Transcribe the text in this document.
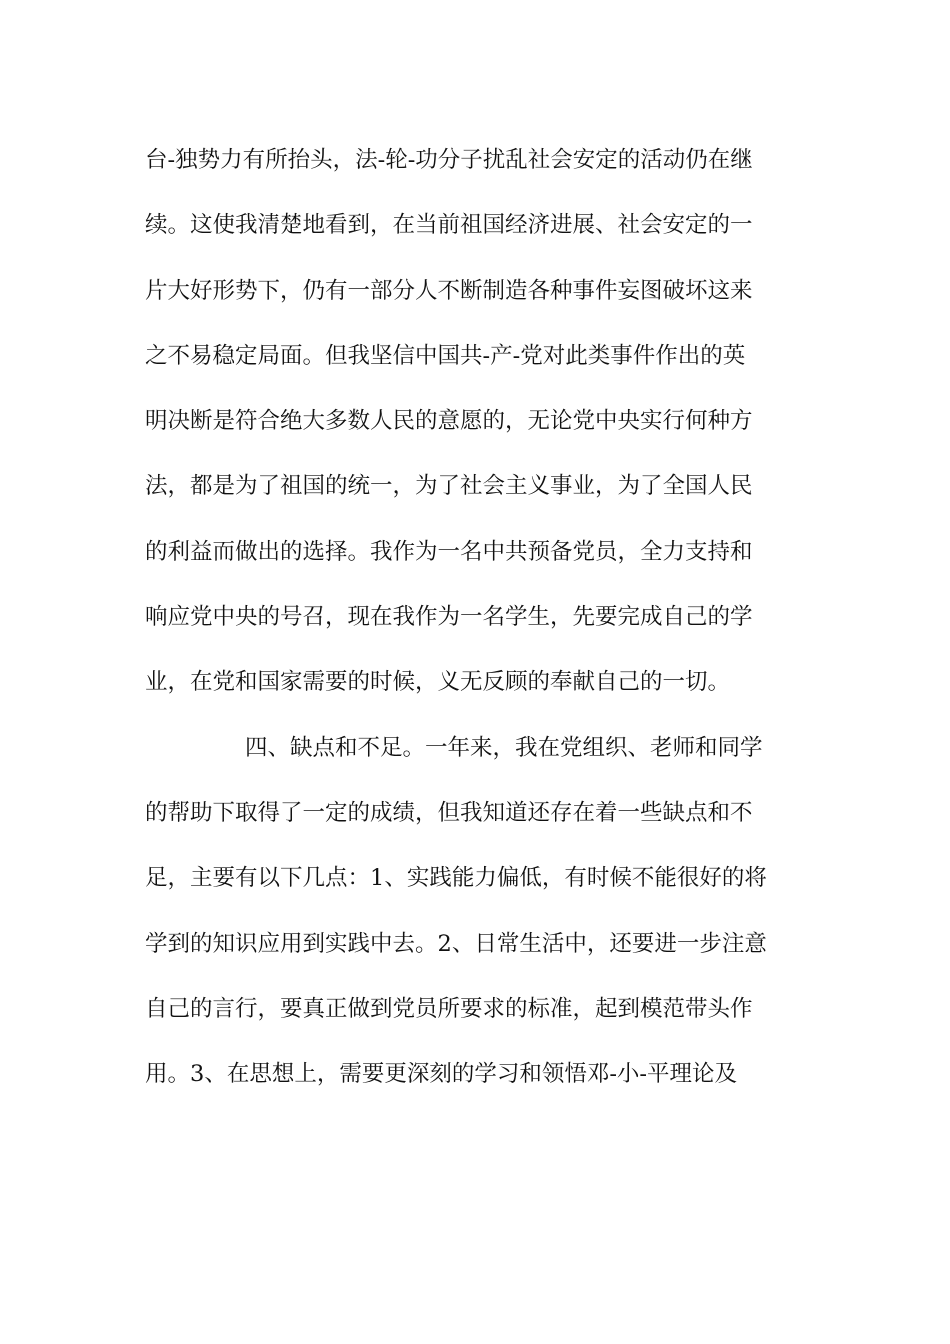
台-独势力有所抬头，法-轮-功分子扰乱社会安定的活动仍在继
续。这使我清楚地看到，在当前祖国经济进展、社会安定的一
片大好形势下，仍有一部分人不断制造各种事件妄图破坏这来
之不易稳定局面。但我坚信中国共-产-党对此类事件作出的英
明决断是符合绝大多数人民的意愿的，无论党中央实行何种方
法，都是为了祖国的统一，为了社会主义事业，为了全国人民
的利益而做出的选择。我作为一名中共预备党员，全力支持和
响应党中央的号召，现在我作为一名学生，先要完成自己的学
业，在党和国家需要的时候，义无反顾的奉献自己的一切。
四、缺点和不足。一年来，我在党组织、老师和同学
的帮助下取得了一定的成绩，但我知道还存在着一些缺点和不
足，主要有以下几点：1、实践能力偏低，有时候不能很好的将
学到的知识应用到实践中去。2、日常生活中，还要进一步注意
自己的言行，要真正做到党员所要求的标准，起到模范带头作
用。3、在思想上，需要更深刻的学习和领悟邓-小-平理论及
